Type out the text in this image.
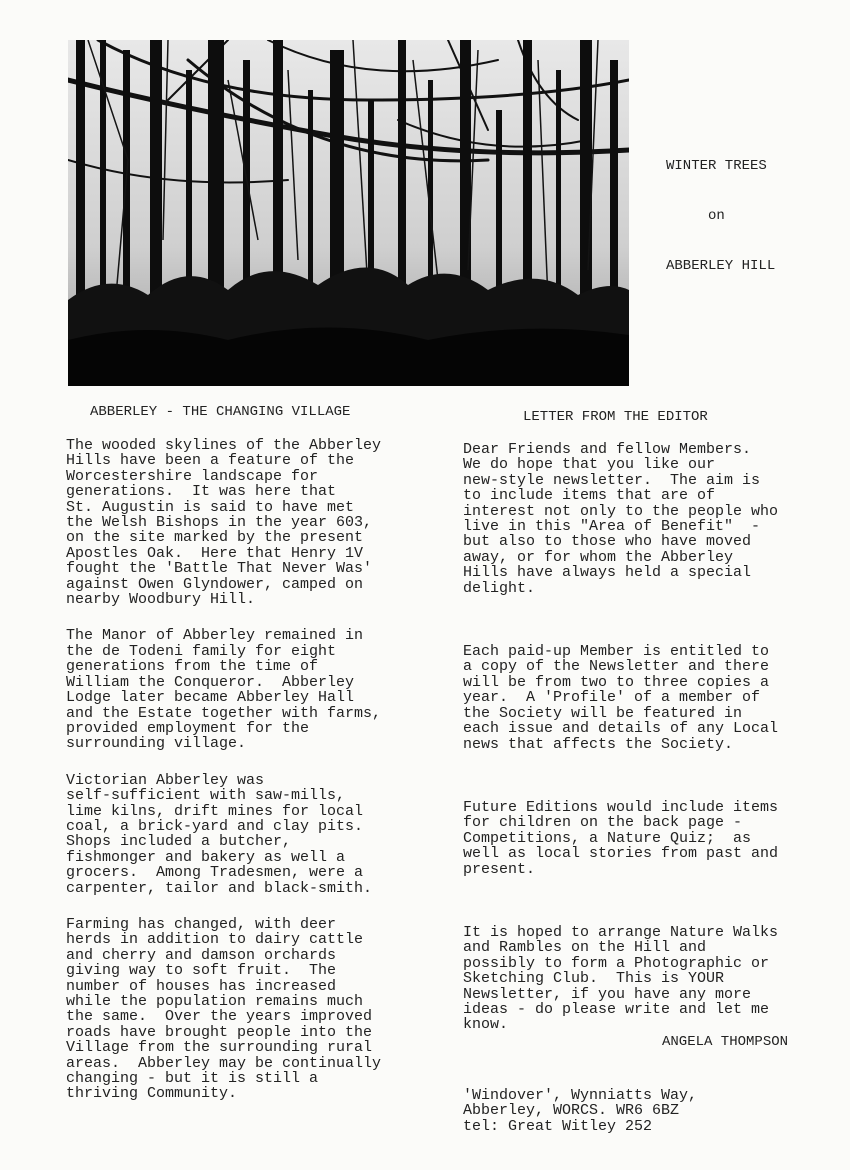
WINTER TREES
on
ABBERLEY HILL
ABBERLEY - THE CHANGING VILLAGE	LETTER FROM THE EDITOR

The wooded skylines of the Abberley
Hills have been a feature of the
Worcestershire landscape for
generations.  It was here that
St. Augustin is said to have met
the Welsh Bishops in the year 603,
on the site marked by the present
Apostles Oak.  Here that Henry 1V
fought the 'Battle That Never Was'
against Owen Glyndower, camped on
nearby Woodbury Hill.

The Manor of Abberley remained in
the de Todeni family for eight
generations from the time of
William the Conqueror.  Abberley
Lodge later became Abberley Hall
and the Estate together with farms,
provided employment for the
surrounding village.

Victorian Abberley was
self-sufficient with saw-mills,
lime kilns, drift mines for local
coal, a brick-yard and clay pits.
Shops included a butcher,
fishmonger and bakery as well a
grocers.  Among Tradesmen, were a
carpenter, tailor and black-smith.

Farming has changed, with deer
herds in addition to dairy cattle
and cherry and damson orchards
giving way to soft fruit.  The
number of houses has increased
while the population remains much
the same.  Over the years improved
roads have brought people into the
Village from the surrounding rural
areas.  Abberley may be continually
changing - but it is still a
thriving Community.

Dear Friends and fellow Members.
We do hope that you like our
new-style newsletter.  The aim is
to include items that are of
interest not only to the people who
live in this "Area of Benefit"  -
but also to those who have moved
away, or for whom the Abberley
Hills have always held a special
delight.

Each paid-up Member is entitled to
a copy of the Newsletter and there
will be from two to three copies a
year.  A 'Profile' of a member of
the Society will be featured in
each issue and details of any Local
news that affects the Society.

Future Editions would include items
for children on the back page -
Competitions, a Nature Quiz;  as
well as local stories from past and
present.

It is hoped to arrange Nature Walks
and Rambles on the Hill and
possibly to form a Photographic or
Sketching Club.  This is YOUR
Newsletter, if you have any more
ideas - do please write and let me
know.

ANGELA THOMPSON
'Windover', Wynniatts Way,
Abberley, WORCS. WR6 6BZ
tel: Great Witley 252
